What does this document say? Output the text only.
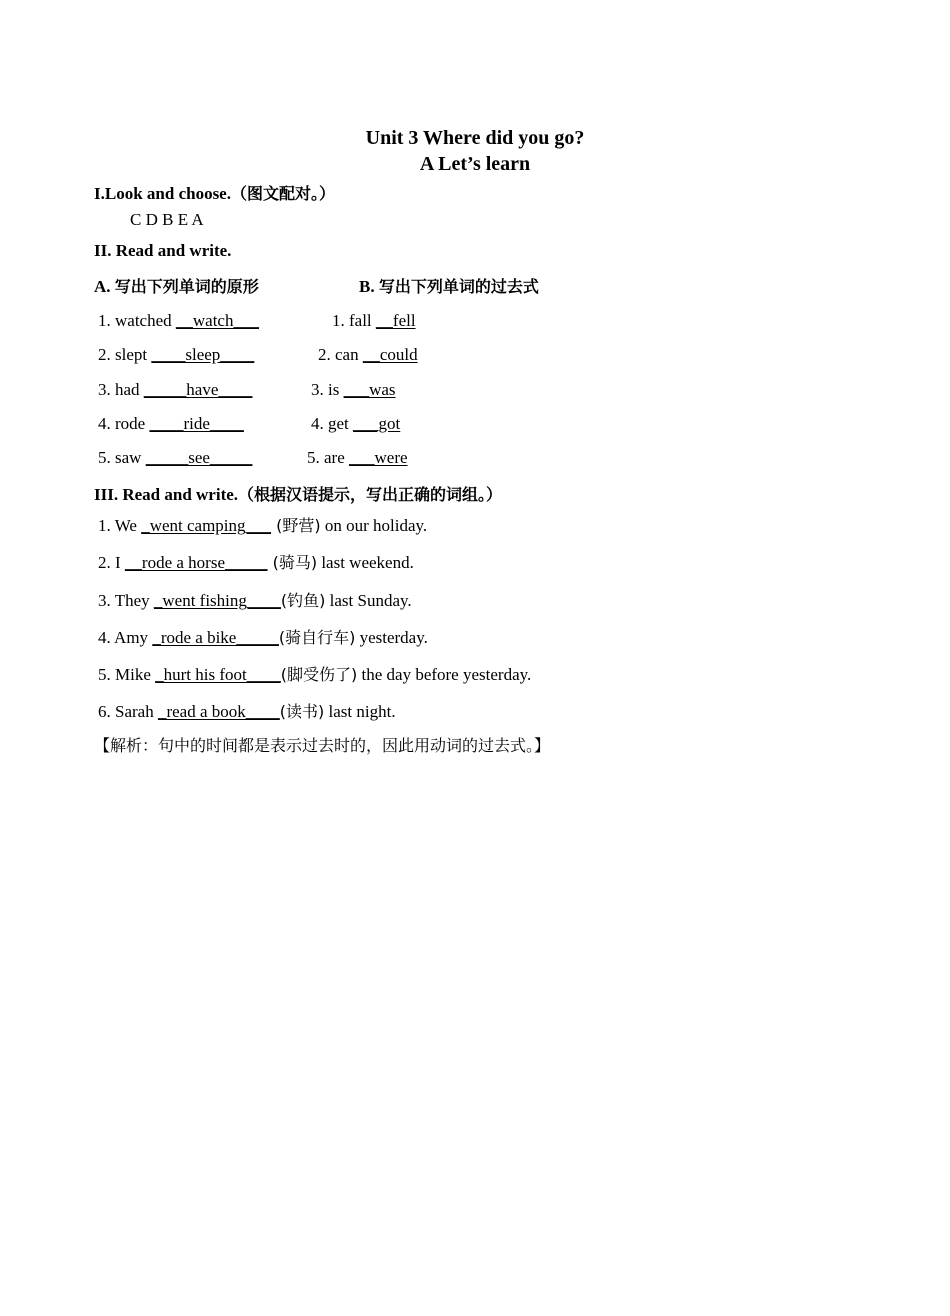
Unit 3 Where did you go?
A Let’s learn
I.Look and choose.（图文配对。）
C D B E A
II. Read and write.
A. 写出下列单词的原形	B. 写出下列单词的过去式
1. watched __watch___
2. slept ____sleep____
3. had _____have____
4. rode ____ride____
5. saw _____see_____
1. fall __fell
2. can __could
3. is ___was
4. get ___got
5. are ___were
III. Read and write.（根据汉语提示，写出正确的词组。）
1. We _went camping___ (野营) on our holiday.
2. I __rode a horse_____ (骑马) last weekend.
3. They _went fishing____(钓鱼) last Sunday.
4. Amy _rode a bike_____(骑自行车) yesterday.
5. Mike _hurt his foot____(脚受伤了) the day before yesterday.
6. Sarah _read a book____(读书) last night.
【解析：句中的时间都是表示过去时的，因此用动词的过去式。】
